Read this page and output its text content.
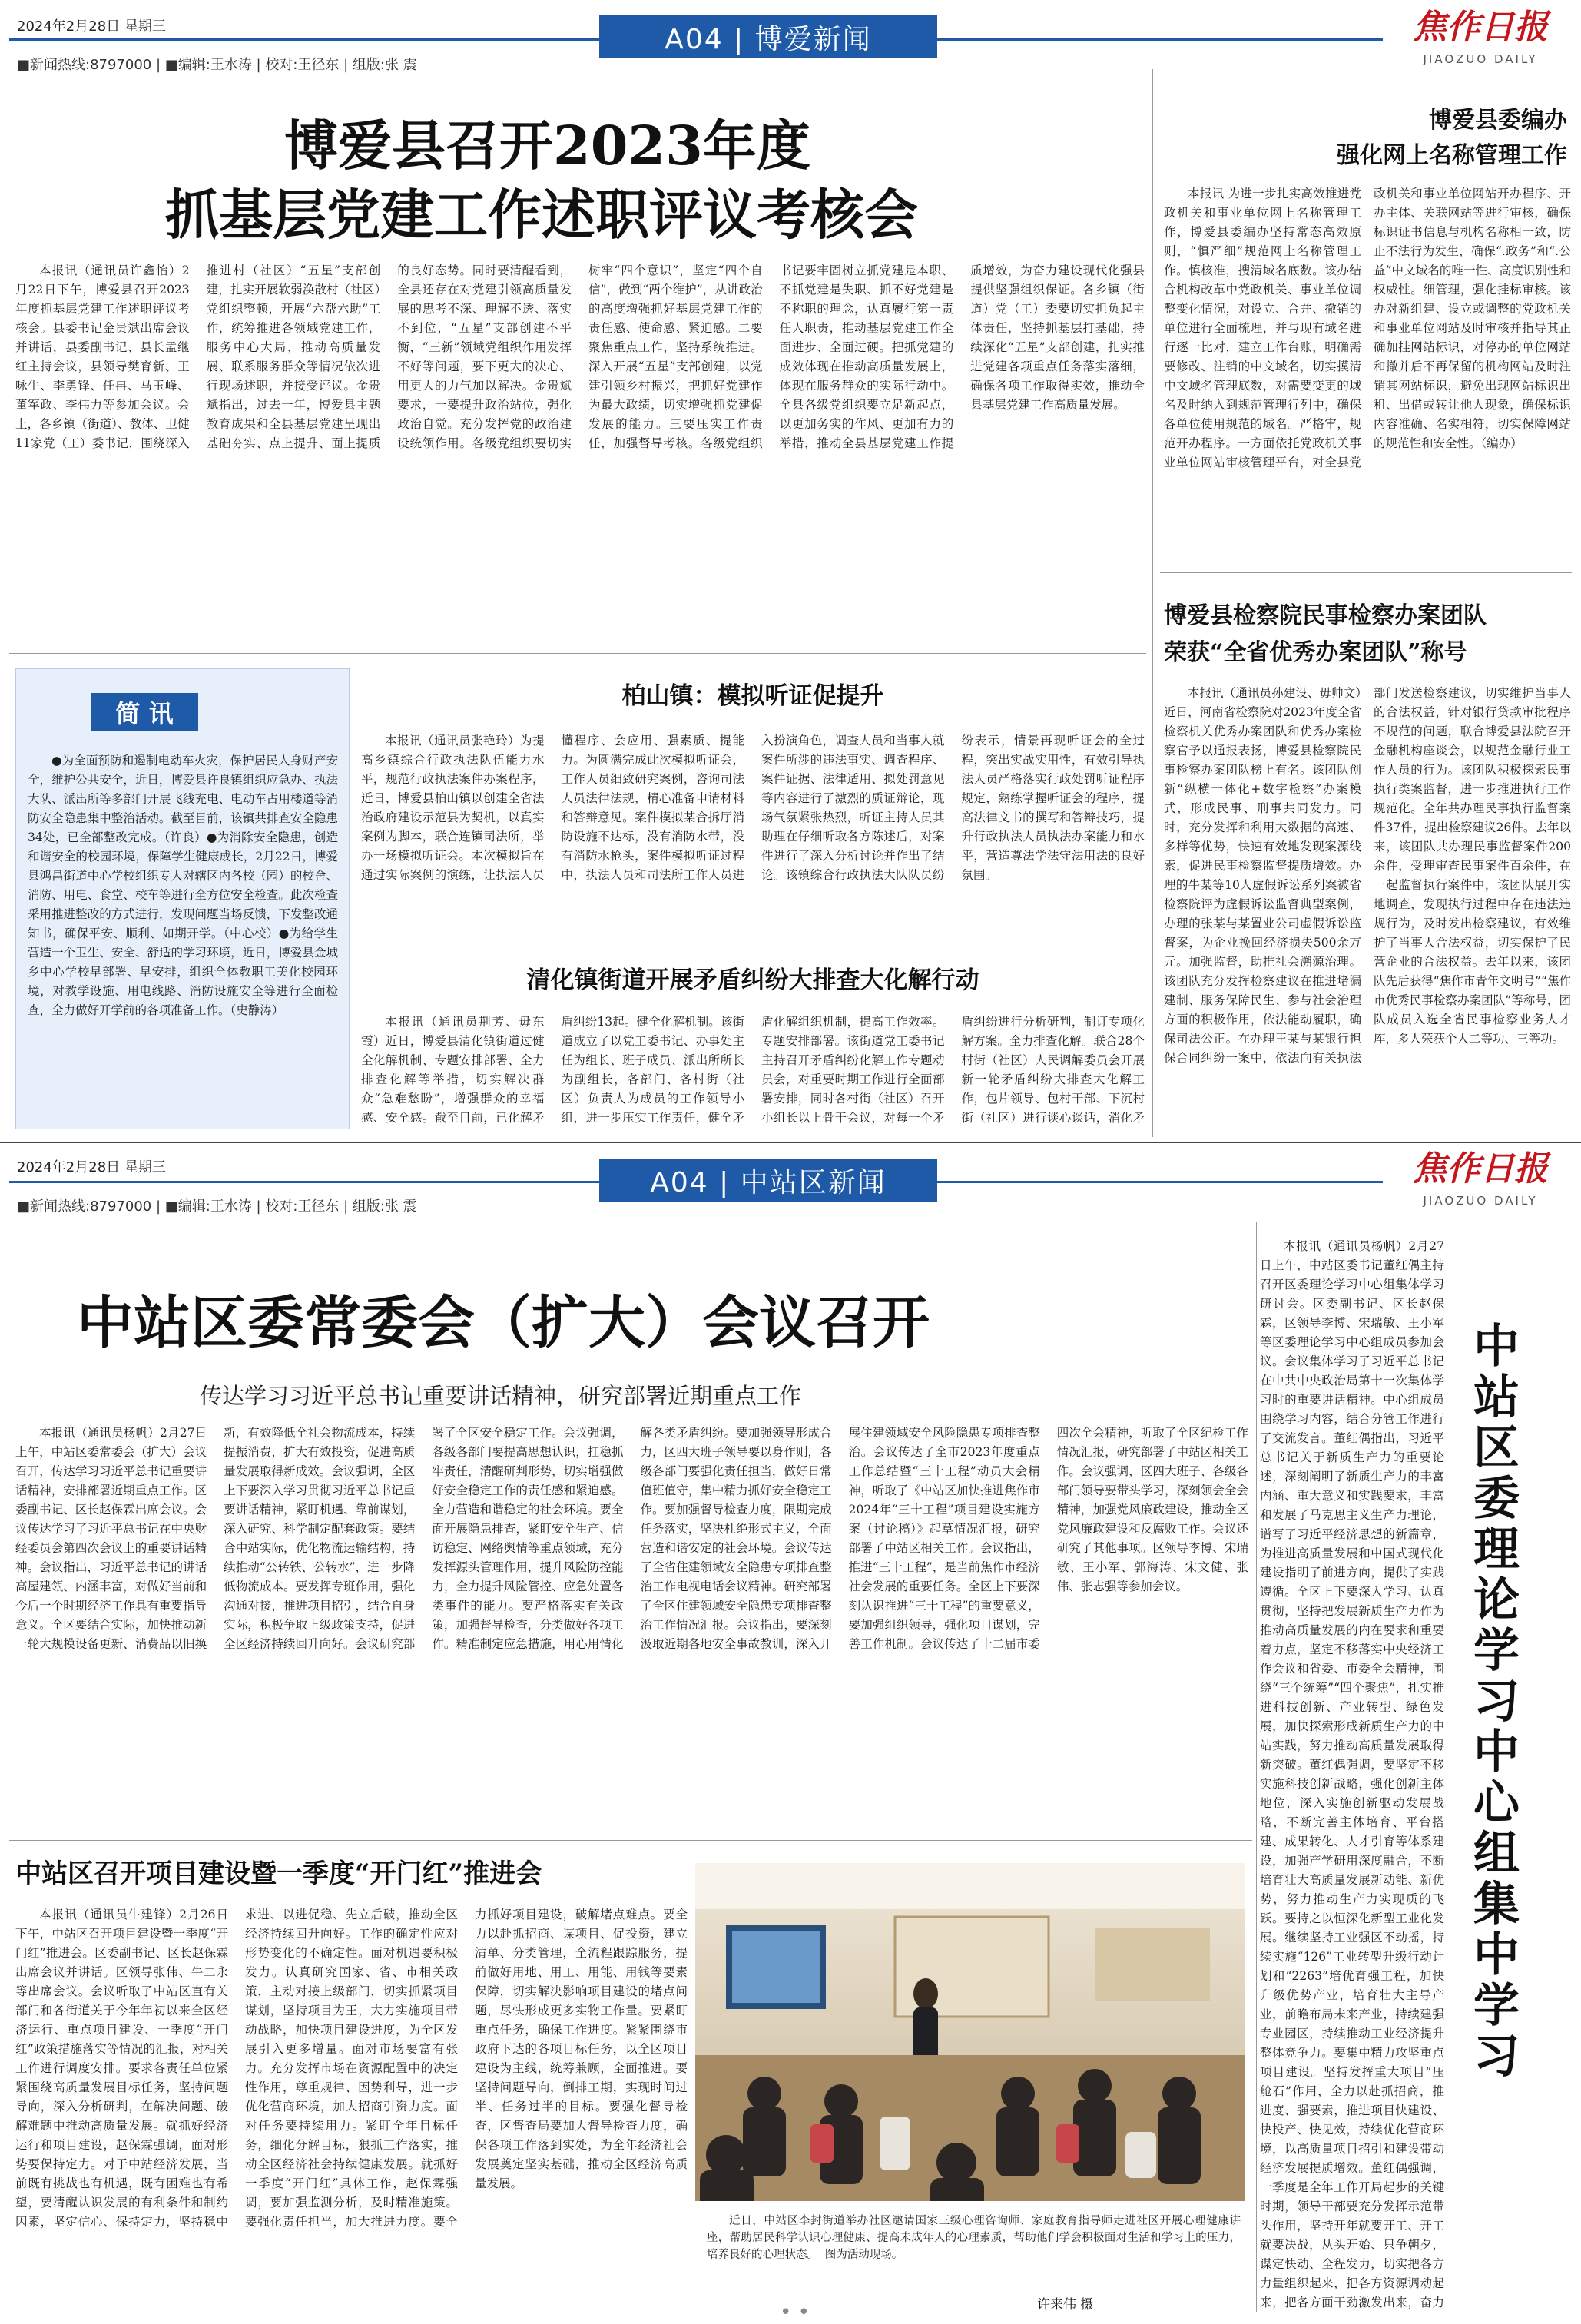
2024年2月28日 星期三	A04 | 博爱新闻
■新闻热线:8797000 | ■编辑:王水涛 | 校对:王径东 | 组版:张 震
焦作日报
JIAOZUO DAILY
博爱县召开2023年度
抓基层党建工作述职评议考核会
本报讯（通讯员许鑫怡）2月22日下午，博爱县召开2023年度抓基层党建工作述职评议考核会。县委书记金贵斌出席会议并讲话，县委副书记、县长孟继红主持会议，县领导樊育新、王咏生、李勇锋、任冉、马玉峰、董军政、李伟力等参加会议。会上，各乡镇（街道）、教体、卫健11家党（工）委书记，围绕深入推进村（社区）“五星”支部创建，扎实开展软弱涣散村（社区）党组织整顿，开展“六帮六助”工作，统筹推进各领域党建工作，服务中心大局，推动高质量发展、联系服务群众等情况依次进行现场述职，并接受评议。金贵斌指出，过去一年，博爱县主题教育成果和全县基层党建呈现出基础夯实、点上提升、面上提质的良好态势。同时要清醒看到，全县还存在对党建引领高质量发展的思考不深、理解不透、落实不到位，“五星”支部创建不平衡，“三新”领域党组织作用发挥不好等问题，要下更大的决心、用更大的力气加以解决。金贵斌要求，一要提升政治站位，强化政治自觉。充分发挥党的政治建设统领作用。各级党组织要切实树牢“四个意识”，坚定“四个自信”，做到“两个维护”，从讲政治的高度增强抓好基层党建工作的责任感、使命感、紧迫感。二要聚焦重点工作，坚持系统推进。深入开展“五星”支部创建，以党建引领乡村振兴，把抓好党建作为最大政绩，切实增强抓党建促发展的能力。三要压实工作责任，加强督导考核。各级党组织书记要牢固树立抓党建是本职、不抓党建是失职、抓不好党建是不称职的理念，认真履行第一责任人职责，推动基层党建工作全面进步、全面过硬。把抓党建的成效体现在推动高质量发展上，体现在服务群众的实际行动中。全县各级党组织要立足新起点，以更加务实的作风、更加有力的举措，推动全县基层党建工作提质增效，为奋力建设现代化强县提供坚强组织保证。各乡镇（街道）党（工）委要切实担负起主体责任，坚持抓基层打基础，持续深化“五星”支部创建，扎实推进党建各项重点任务落实落细，确保各项工作取得实效，推动全县基层党建工作高质量发展。
博爱县委编办
强化网上名称管理工作
本报讯 为进一步扎实高效推进党政机关和事业单位网上名称管理工作，博爱县委编办坚持常态高效原则，“慎严细”规范网上名称管理工作。慎核准，搜清域名底数。该办结合机构改革中党政机关、事业单位调整变化情况，对设立、合并、撤销的单位进行全面梳理，并与现有域名进行逐一比对，建立工作台账，明确需要修改、注销的中文域名，切实摸清中文域名管理底数，对需要变更的域名及时纳入到规范管理行列中，确保各单位使用规范的域名。严格审，规范开办程序。一方面依托党政机关事业单位网站审核管理平台，对全县党政机关和事业单位网站开办程序、开办主体、关联网站等进行审核，确保标识证书信息与机构名称相一致，防止不法行为发生，确保“.政务”和“.公益”中文域名的唯一性、高度识别性和权威性。细管理，强化挂标审核。该办对新组建、设立或调整的党政机关和事业单位网站及时审核并指导其正确加挂网站标识，对停办的单位网站和撤并后不再保留的机构网站及时注销其网站标识，避免出现网站标识出租、出借或转让他人现象，确保标识内容准确、名实相符，切实保障网站的规范性和安全性。（编办）
博爱县检察院民事检察办案团队
荣获“全省优秀办案团队”称号
本报讯（通讯员孙建设、毋帅文）近日，河南省检察院对2023年度全省检察机关优秀办案团队和优秀办案检察官予以通报表扬，博爱县检察院民事检察办案团队榜上有名。该团队创新“纵横一体化+数字检察”办案模式，形成民事、刑事共同发力。同时，充分发挥和利用大数据的高速、多样等优势，快速有效地发现案源线索，促进民事检察监督提质增效。办理的牛某等10人虚假诉讼系列案被省检察院评为虚假诉讼监督典型案例，办理的张某与某置业公司虚假诉讼监督案，为企业挽回经济损失500余万元。加强监督，助推社会溯源治理。该团队充分发挥检察建议在推进堵漏建制、服务保障民生、参与社会治理方面的积极作用，依法能动履职，确保司法公正。在办理王某与某银行担保合同纠纷一案中，依法向有关执法部门发送检察建议，切实维护当事人的合法权益，针对银行贷款审批程序不规范的问题，联合博爱县法院召开金融机构座谈会，以规范金融行业工作人员的行为。该团队积极探索民事执行类案监督，进一步推进执行工作规范化。全年共办理民事执行监督案件37件，提出检察建议26件。去年以来，该团队共办理民事监督案件200余件，受理审查民事案件百余件，在一起监督执行案件中，该团队展开实地调查，发现执行过程中存在违法违规行为，及时发出检察建议，有效维护了当事人合法权益，切实保护了民营企业的合法权益。去年以来，该团队先后获得“焦作市青年文明号”“焦作市优秀民事检察办案团队”等称号，团队成员入选全省民事检察业务人才库，多人荣获个人二等功、三等功。
简 讯
●为全面预防和遏制电动车火灾，保护居民人身财产安全，维护公共安全，近日，博爱县许良镇组织应急办、执法大队、派出所等多部门开展飞线充电、电动车占用楼道等消防安全隐患集中整治活动。截至目前，该镇共排查安全隐患34处，已全部整改完成。（许良）●为消除安全隐患，创造和谐安全的校园环境，保障学生健康成长，2月22日，博爱县鸿昌街道中心学校组织专人对辖区内各校（园）的校舍、消防、用电、食堂、校车等进行全方位安全检查。此次检查采用推进整改的方式进行，发现问题当场反馈，下发整改通知书，确保平安、顺利、如期开学。（中心校）●为给学生营造一个卫生、安全、舒适的学习环境，近日，博爱县金城乡中心学校早部署、早安排，组织全体教职工美化校园环境，对教学设施、用电线路、消防设施安全等进行全面检查，全力做好开学前的各项准备工作。（史静涛）
柏山镇：模拟听证促提升
本报讯（通讯员张艳玲）为提高乡镇综合行政执法队伍能力水平，规范行政执法案件办案程序，近日，博爱县柏山镇以创建全省法治政府建设示范县为契机，以真实案例为脚本，联合连镇司法所，举办一场模拟听证会。本次模拟旨在通过实际案例的演练，让执法人员懂程序、会应用、强素质、提能力。为圆满完成此次模拟听证会，工作人员细致研究案例，咨询司法人员法律法规，精心准备申请材料和答辩意见。案件模拟某合拆厅消防设施不达标，没有消防水带，没有消防水枪头，案件模拟听证过程中，执法人员和司法所工作人员进入扮演角色，调查人员和当事人就案件所涉的违法事实、调查程序、案件证据、法律适用、拟处罚意见等内容进行了激烈的质证辩论，现场气氛紧张热烈，听证主持人员其助理在仔细听取各方陈述后，对案件进行了深入分析讨论并作出了结论。该镇综合行政执法大队队员纷纷表示，情景再现听证会的全过程，突出实战实用性，有效引导执法人员严格落实行政处罚听证程序规定，熟练掌握听证会的程序，提高法律文书的撰写和答辩技巧，提升行政执法人员执法办案能力和水平，营造尊法学法守法用法的良好氛围。
清化镇街道开展矛盾纠纷大排查大化解行动
本报讯（通讯员荆芳、毋东霞）近日，博爱县清化镇街道过健全化解机制、专题安排部署、全力排查化解等举措，切实解决群众“急难愁盼”，增强群众的幸福感、安全感。截至目前，已化解矛盾纠纷13起。健全化解机制。该街道成立了以党工委书记、办事处主任为组长、班子成员、派出所所长为副组长，各部门、各村街（社区）负责人为成员的工作领导小组，进一步压实工作责任，健全矛盾化解组织机制，提高工作效率。专题安排部署。该街道党工委书记主持召开矛盾纠纷化解工作专题动员会，对重要时期工作进行全面部署安排，同时各村街（社区）召开小组长以上骨干会议，对每一个矛盾纠纷进行分析研判，制订专项化解方案。全力排查化解。联合28个村街（社区）人民调解委员会开展新一轮矛盾纠纷大排查大化解工作，包片领导、包村干部、下沉村街（社区）进行谈心谈话，消化矛
2024年2月28日 星期三	A04 | 中站区新闻
■新闻热线:8797000 | ■编辑:王水涛 | 校对:王径东 | 组版:张 震
焦作日报
JIAOZUO DAILY
中站区委常委会（扩大）会议召开
传达学习习近平总书记重要讲话精神，研究部署近期重点工作
本报讯（通讯员杨帆）2月27日上午，中站区委常委会（扩大）会议召开，传达学习习近平总书记重要讲话精神，安排部署近期重点工作。区委副书记、区长赵保霖出席会议。会议传达学习了习近平总书记在中央财经委员会第四次会议上的重要讲话精神。会议指出，习近平总书记的讲话高屋建瓴、内涵丰富，对做好当前和今后一个时期经济工作具有重要指导意义。全区要结合实际，加快推动新一轮大规模设备更新、消费品以旧换新，有效降低全社会物流成本，持续提振消费，扩大有效投资，促进高质量发展取得新成效。会议强调，全区上下要深入学习贯彻习近平总书记重要讲话精神，紧盯机遇、靠前谋划，深入研究、科学制定配套政策。要结合中站实际，优化物流运输结构，持续推动“公转铁、公转水”，进一步降低物流成本。要发挥专班作用，强化沟通对接，推进项目招引，结合自身实际，积极争取上级政策支持，促进全区经济持续回升向好。会议研究部署了全区安全稳定工作。会议强调，各级各部门要提高思想认识，扛稳抓牢责任，清醒研判形势，切实增强做好安全稳定工作的责任感和紧迫感。全力营造和谐稳定的社会环境。要全面开展隐患排查，紧盯安全生产、信访稳定、网络舆情等重点领域，充分发挥源头管理作用，提升风险防控能力，全力提升风险管控、应急处置各类事件的能力。要严格落实有关政策，加强督导检查，分类做好各项工作。精准制定应急措施，用心用情化解各类矛盾纠纷。要加强领导形成合力，区四大班子领导要以身作则，各级各部门要强化责任担当，做好日常值班值守，集中精力抓好安全稳定工作。要加强督导检查力度，限期完成任务落实，坚决杜绝形式主义，全面营造和谐安定的社会环境。会议传达了全省住建领域安全隐患专项排查整治工作电视电话会议精神。研究部署了全区住建领域安全隐患专项排查整治工作情况汇报。会议指出，要深刻汲取近期各地安全事故教训，深入开展住建领域安全风险隐患专项排查整治。会议传达了全市2023年度重点工作总结暨“三十工程”动员大会精神，听取了《中站区加快推进焦作市2024年“三十工程”项目建设实施方案（讨论稿）》起草情况汇报，研究部署了中站区相关工作。会议指出，推进“三十工程”，是当前焦作市经济社会发展的重要任务。全区上下要深刻认识推进“三十工程”的重要意义，要加强组织领导，强化项目谋划，完善工作机制。会议传达了十二届市委四次全会精神，听取了全区纪检工作情况汇报，研究部署了中站区相关工作。会议强调，区四大班子、各级各部门领导要带头学习，深刻领会全会精神，加强党风廉政建设，推动全区党风廉政建设和反腐败工作。会议还研究了其他事项。区领导李博、宋瑞敏、王小军、郭海涛、宋文健、张伟、张志强等参加会议。
本报讯（通讯员杨帆）2月27日上午，中站区委书记董红偶主持召开区委理论学习中心组集体学习研讨会。区委副书记、区长赵保霖，区领导李博、宋瑞敏、王小军等区委理论学习中心组成员参加会议。会议集体学习了习近平总书记在中共中央政治局第十一次集体学习时的重要讲话精神。中心组成员围绕学习内容，结合分管工作进行了交流发言。董红偶指出，习近平总书记关于新质生产力的重要论述，深刻阐明了新质生产力的丰富内涵、重大意义和实践要求，丰富和发展了马克思主义生产力理论，谱写了习近平经济思想的新篇章，为推进高质量发展和中国式现代化建设指明了前进方向，提供了实践遵循。全区上下要深入学习、认真贯彻，坚持把发展新质生产力作为推动高质量发展的内在要求和重要着力点，坚定不移落实中央经济工作会议和省委、市委全会精神，围绕“三个统筹”“四个聚焦”，扎实推进科技创新、产业转型、绿色发展，加快探索形成新质生产力的中站实践，努力推动高质量发展取得新突破。董红偶强调，要坚定不移实施科技创新战略，强化创新主体地位，深入实施创新驱动发展战略，不断完善主体培育、平台搭建、成果转化、人才引育等体系建设，加强产学研用深度融合，不断培育壮大高质量发展新动能、新优势，努力推动生产力实现质的飞跃。要持之以恒深化新型工业化发展。继续坚持工业强区不动摇，持续实施“126”工业转型升级行动计划和“2263”培优育强工程，加快升级优势产业，培育壮大主导产业，前瞻布局未来产业，持续建强专业园区，持续推动工业经济提升整体竞争力。要集中精力攻坚重点项目建设。坚持发挥重大项目“压舱石”作用，全力以赴抓招商，推进度、强要素，推进项目快建设、快投产、快见效，持续优化营商环境，以高质量项目招引和建设带动经济发展提质增效。董红偶强调，一季度是全年工作开局起步的关键时期，领导干部要充分发挥示范带头作用，坚持开年就要开工、开工就要决战，从头开始、只争朝夕，谋定快动、全程发力，切实把各方力量组织起来，把各方资源调动起来，把各方面干劲激发出来，奋力
中站区委理论学习中心组集中学习
中站区召开项目建设暨一季度“开门红”推进会
本报讯（通讯员牛建锋）2月26日下午，中站区召开项目建设暨一季度“开门红”推进会。区委副书记、区长赵保霖出席会议并讲话。区领导张伟、牛二永等出席会议。会议听取了中站区直有关部门和各街道关于今年年初以来全区经济运行、重点项目建设、一季度“开门红”政策措施落实等情况的汇报，对相关工作进行调度安排。要求各责任单位紧紧围绕高质量发展目标任务，坚持问题导向，深入分析研判，在解决问题、破解难题中推动高质量发展。就抓好经济运行和项目建设，赵保霖强调，面对形势要保持定力。对于中站经济发展，当前既有挑战也有机遇，既有困难也有希望，要清醒认识发展的有利条件和制约因素，坚定信心、保持定力，坚持稳中求进、以进促稳、先立后破，推动全区经济持续回升向好。工作的确定性应对形势变化的不确定性。面对机遇要积极发力。认真研究国家、省、市相关政策，主动对接上级部门，切实抓紧项目谋划，坚持项目为王，大力实施项目带动战略，加快项目建设进度，为全区发展引入更多增量。面对市场要富有张力。充分发挥市场在资源配置中的决定性作用，尊重规律、因势利导，进一步优化营商环境，加大招商引资力度。面对任务要持续用力。紧盯全年目标任务，细化分解目标，狠抓工作落实，推动全区经济社会持续健康发展。就抓好一季度“开门红”具体工作，赵保霖强调，要加强监测分析，及时精准施策。要强化责任担当，加大推进力度。要全力抓好项目建设，破解堵点难点。要全力以赴抓招商、谋项目、促投资，建立清单、分类管理，全流程跟踪服务，提前做好用地、用工、用能、用钱等要素保障，切实解决影响项目建设的堵点问题，尽快形成更多实物工作量。要紧盯重点任务，确保工作进度。紧紧围绕市政府下达的各项目标任务，以全区项目建设为主线，统筹兼顾，全面推进。要坚持问题导向，倒排工期，实现时间过半、任务过半的目标。要强化督导检查，区督查局要加大督导检查力度，确保各项工作落到实处，为全年经济社会发展奠定坚实基础，推动全区经济高质量发展。
近日，中站区李封街道举办社区邀请国家三级心理咨询师、家庭教育指导师走进社区开展心理健康讲座，帮助居民科学认识心理健康、提高未成年人的心理素质，帮助他们学会积极面对生活和学习上的压力，培养良好的心理状态。 图为活动现场。
许来伟 摄
• •
